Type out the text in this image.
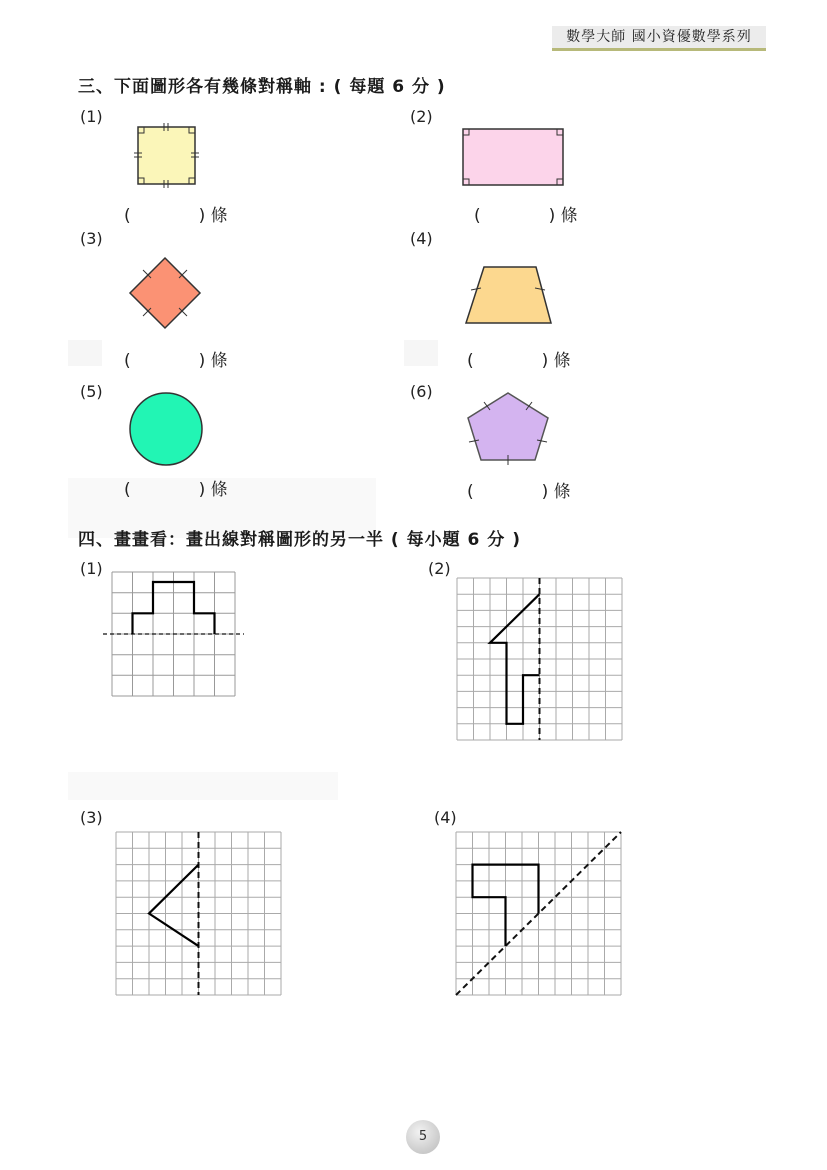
數學大師 國小資優數學系列
三、下面圖形各有幾條對稱軸 : ( 每題 6 分 )
(1)	(2)
(3)	(4)
(5)	(6)
(　　　　) 條	(　　　　) 條
(　　　　) 條	(　　　　) 條
(　　　　) 條	(　　　　) 條
四、畫畫看：畫出線對稱圖形的另一半 ( 每小題 6 分 )
(1)	(2)
(3)	(4)
5
